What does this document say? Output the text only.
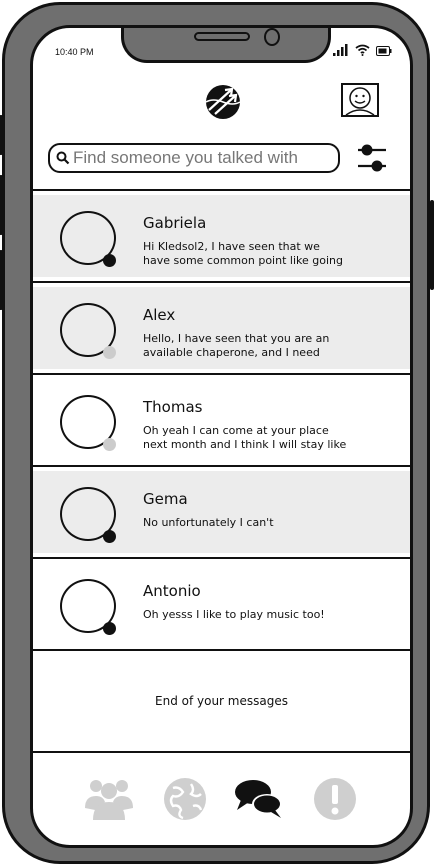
10:40 PM
Find someone you talked with
Gabriela
Hi Kledsol2, I have seen that we
have some common point like going
Alex
Hello, I have seen that you are an
available chaperone, and I need
Thomas
Oh yeah I can come at your place
next month and I think I will stay like
Gema
No unfortunately I can't
Antonio
Oh yesss I like to play music too!
End of your messages
